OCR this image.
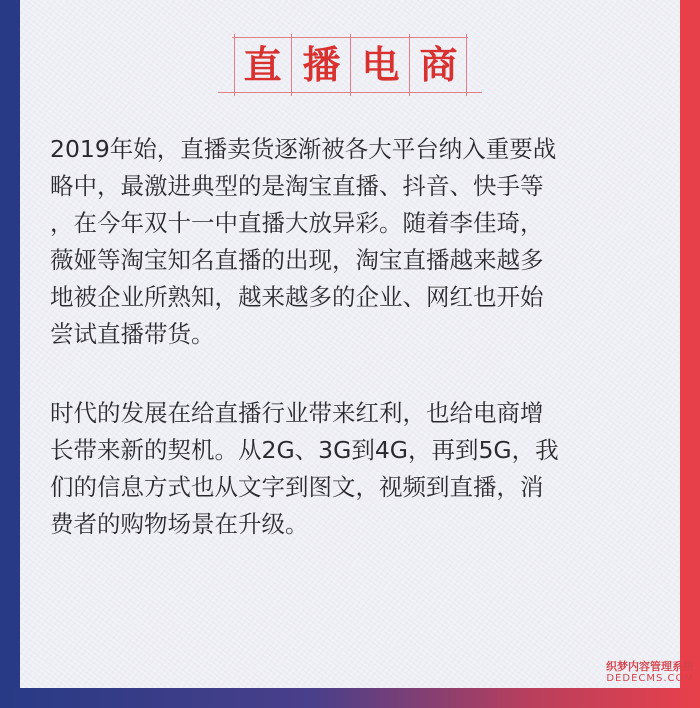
直 播 电 商

2019年始，直播卖货逐渐被各大平台纳入重要战
略中，最激进典型的是淘宝直播、抖音、快手等
，在今年双十一中直播大放异彩。随着李佳琦，
薇娅等淘宝知名直播的出现，淘宝直播越来越多
地被企业所熟知，越来越多的企业、网红也开始
尝试直播带货。

时代的发展在给直播行业带来红利，也给电商增
长带来新的契机。从2G、3G到4G，再到5G，我
们的信息方式也从文字到图文，视频到直播，消
费者的购物场景在升级。

织梦内容管理系统
DEDECMS.COM
